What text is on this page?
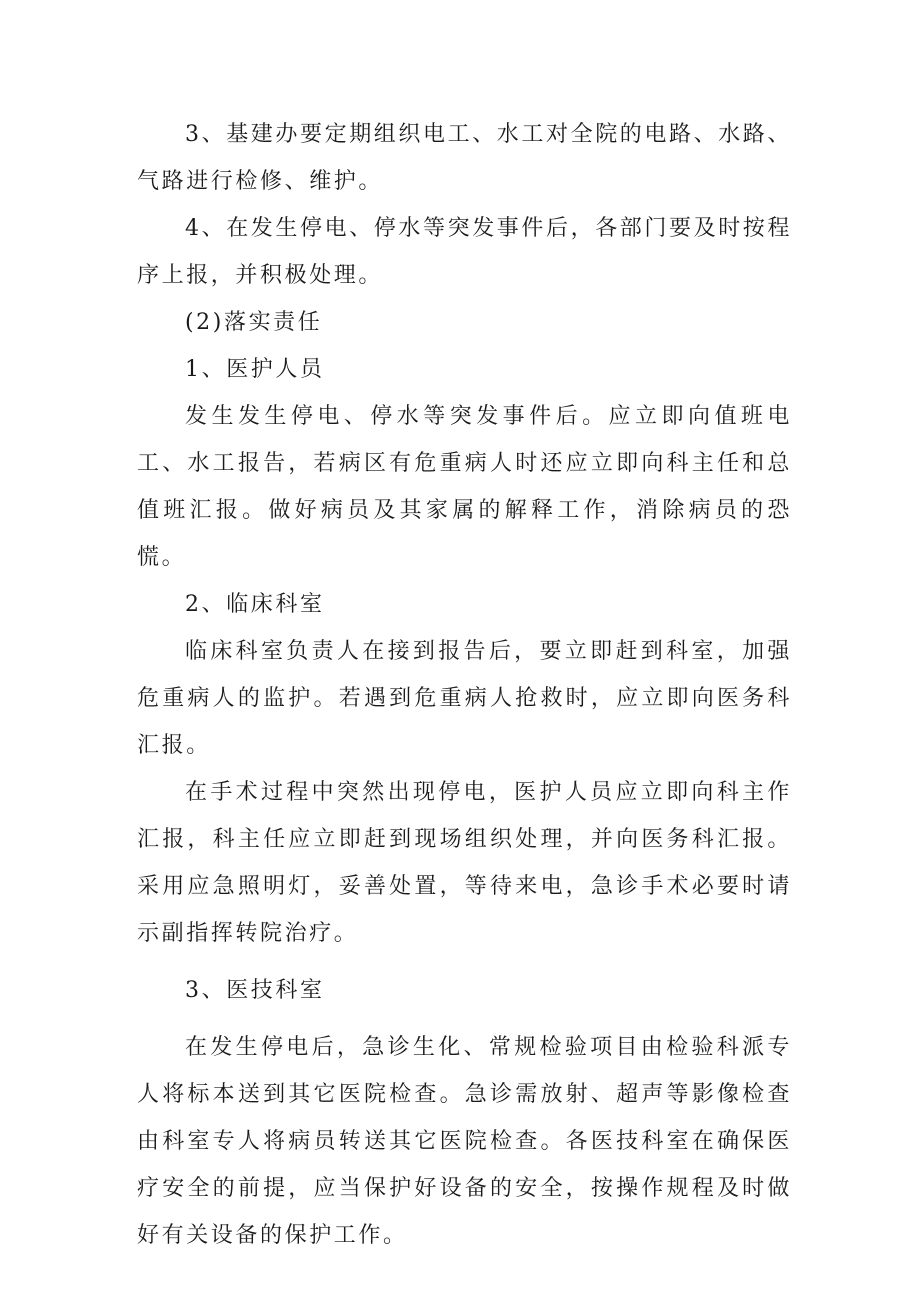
3、基建办要定期组织电工、水工对全院的电路、水路、气路进行检修、维护。

4、在发生停电、停水等突发事件后，各部门要及时按程序上报，并积极处理。

(2)落实责任

1、医护人员

发生发生停电、停水等突发事件后。应立即向值班电工、水工报告，若病区有危重病人时还应立即向科主任和总值班汇报。做好病员及其家属的解释工作，消除病员的恐慌。

2、临床科室

临床科室负责人在接到报告后，要立即赶到科室，加强危重病人的监护。若遇到危重病人抢救时，应立即向医务科汇报。

在手术过程中突然出现停电，医护人员应立即向科主作汇报，科主任应立即赶到现场组织处理，并向医务科汇报。采用应急照明灯，妥善处置，等待来电，急诊手术必要时请示副指挥转院治疗。

3、医技科室

在发生停电后，急诊生化、常规检验项目由检验科派专人将标本送到其它医院检查。急诊需放射、超声等影像检查由科室专人将病员转送其它医院检查。各医技科室在确保医疗安全的前提，应当保护好设备的安全，按操作规程及时做好有关设备的保护工作。
